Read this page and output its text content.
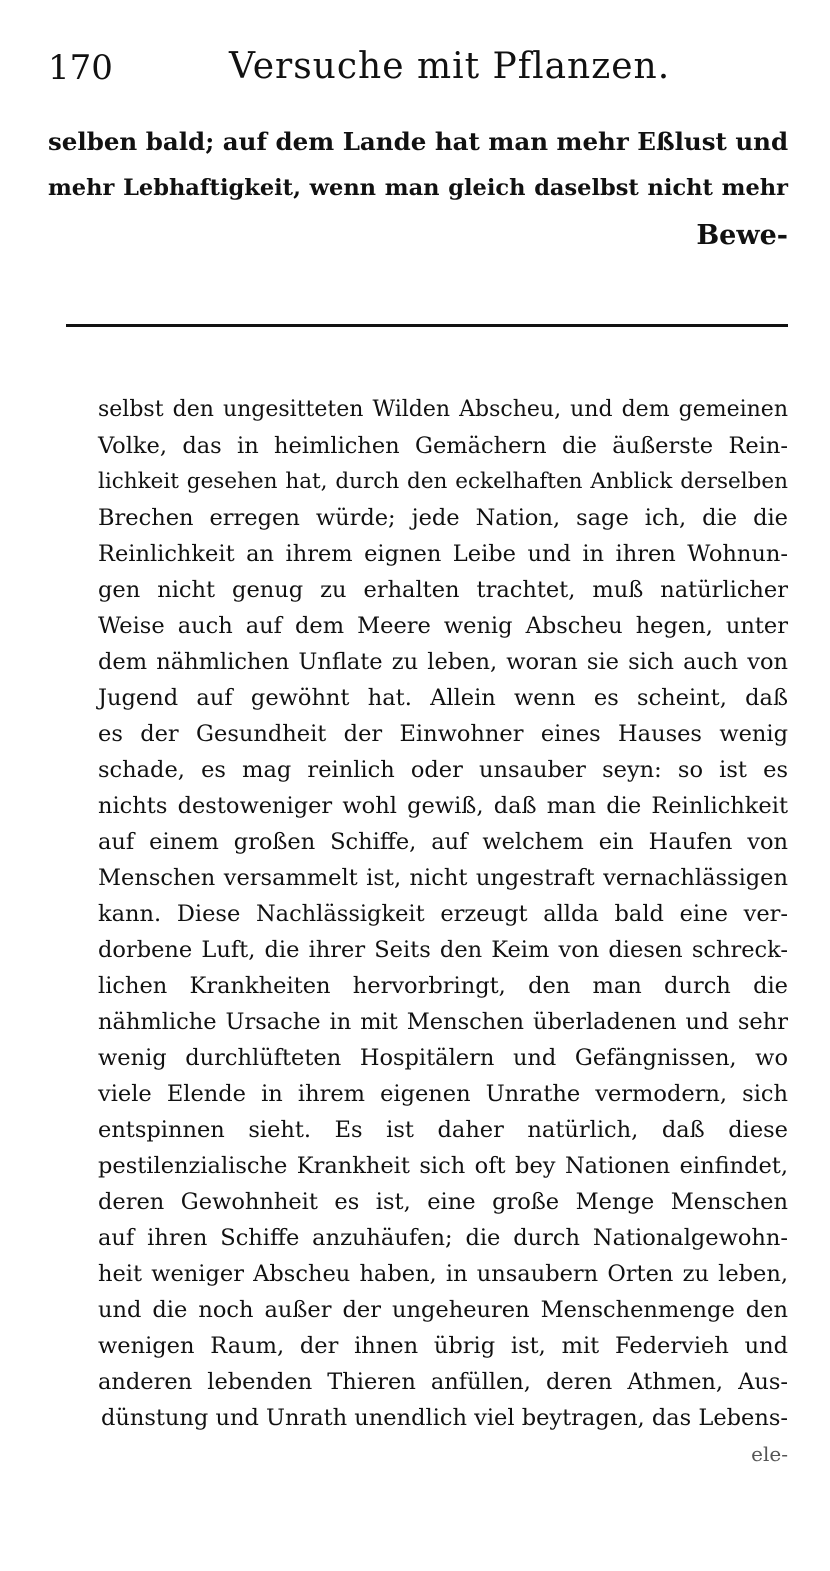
170	Versuche mit Pflanzen.
selben bald; auf dem Lande hat man mehr Eßlust und
mehr Lebhaftigkeit, wenn man gleich daselbst nicht mehr
Bewe-
selbst den ungesitteten Wilden Abscheu, und dem gemeinen
Volke, das in heimlichen Gemächern die äußerste Rein-
lichkeit gesehen hat, durch den eckelhaften Anblick derselben
Brechen erregen würde; jede Nation, sage ich, die die
Reinlichkeit an ihrem eignen Leibe und in ihren Wohnun-
gen nicht genug zu erhalten trachtet, muß natürlicher
Weise auch auf dem Meere wenig Abscheu hegen, unter
dem nähmlichen Unflate zu leben, woran sie sich auch von
Jugend auf gewöhnt hat. Allein wenn es scheint, daß
es der Gesundheit der Einwohner eines Hauses wenig
schade, es mag reinlich oder unsauber seyn: so ist es
nichts destoweniger wohl gewiß, daß man die Reinlichkeit
auf einem großen Schiffe, auf welchem ein Haufen von
Menschen versammelt ist, nicht ungestraft vernachlässigen
kann. Diese Nachlässigkeit erzeugt allda bald eine ver-
dorbene Luft, die ihrer Seits den Keim von diesen schreck-
lichen Krankheiten hervorbringt, den man durch die
nähmliche Ursache in mit Menschen überladenen und sehr
wenig durchlüfteten Hospitälern und Gefängnissen, wo
viele Elende in ihrem eigenen Unrathe vermodern, sich
entspinnen sieht. Es ist daher natürlich, daß diese
pestilenzialische Krankheit sich oft bey Nationen einfindet,
deren Gewohnheit es ist, eine große Menge Menschen
auf ihren Schiffe anzuhäufen; die durch Nationalgewohn-
heit weniger Abscheu haben, in unsaubern Orten zu leben,
und die noch außer der ungeheuren Menschenmenge den
wenigen Raum, der ihnen übrig ist, mit Federvieh und
anderen lebenden Thieren anfüllen, deren Athmen, Aus-
dünstung und Unrath unendlich viel beytragen, das Lebens-
ele-
